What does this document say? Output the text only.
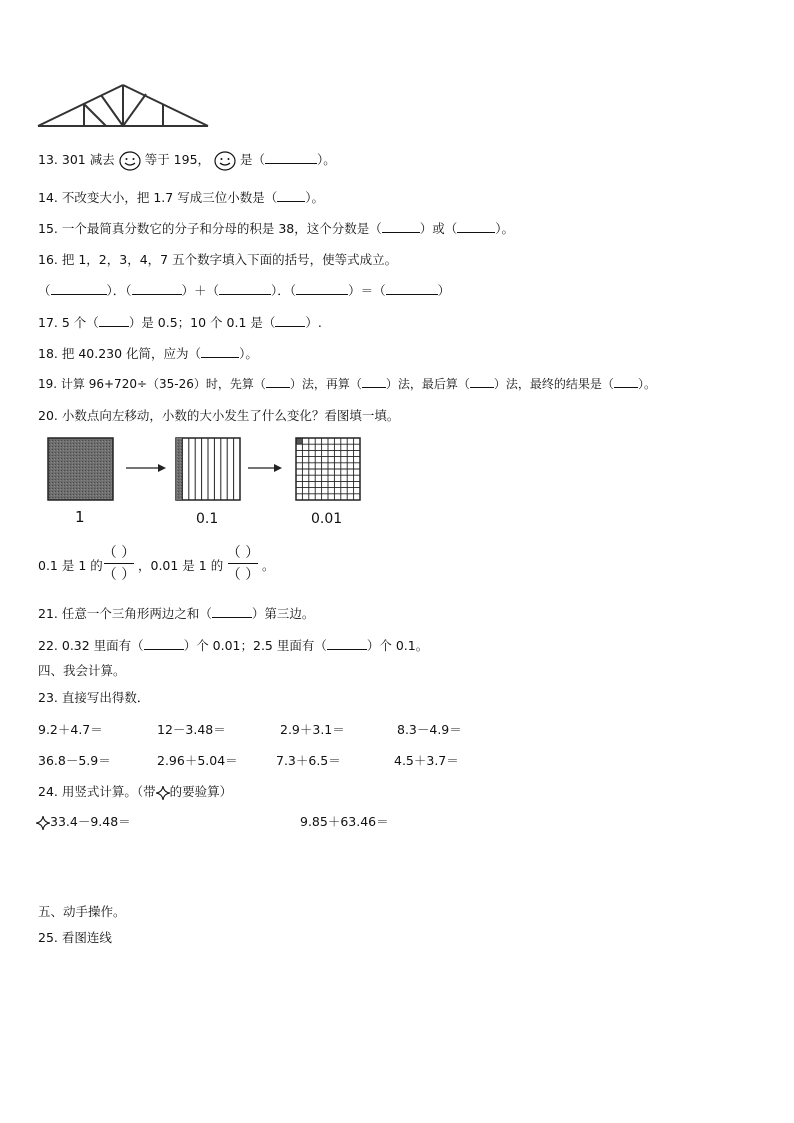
13. 301 减去 等于 195， 是（	）。
14. 不改变大小，把 1.7 写成三位小数是（ ）。
15. 一个最简真分数它的分子和分母的积是 38，这个分数是（	）或（	）。
16. 把 1，2，3，4，7 五个数字填入下面的括号，使等式成立。
（	）．（	）＋（	）．（	）＝（	）
17. 5 个（ ）是 0.5；10 个 0.1 是（ ）.
18. 把 40.230 化简，应为（	）。
19. 计算 96+720÷（35-26）时，先算（ ）法，再算（ ）法，最后算（ ）法，最终的结果是（ ）。
20. 小数点向左移动，小数的大小发生了什么变化？看图填一填。
1	0.1	0.01
0.1 是 1 的
（ ）
（ ）
，0.01 是 1 的
（ ）
（ ）
。
21. 任意一个三角形两边之和（	）第三边。
22. 0.32 里面有（	）个 0.01；2.5 里面有（	）个 0.1。
四、我会计算。
23. 直接写出得数．
9.2＋4.7＝	12－3.48＝	2.9＋3.1＝	8.3－4.9＝
36.8－5.9＝	2.96＋5.04＝	7.3＋6.5＝	4.5＋3.7＝
24. 用竖式计算。（带 的要验算）
33.4－9.48＝	9.85＋63.46＝
五、动手操作。
25. 看图连线
